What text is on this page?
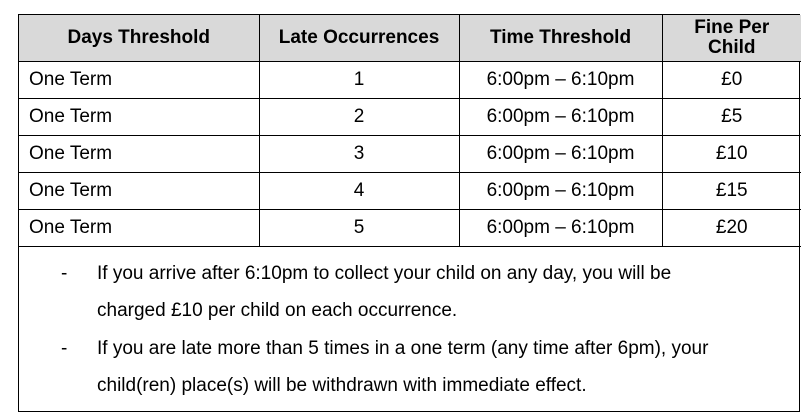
Days Threshold	Late Occurrences	Time Threshold	Fine Per
Child

One Term	1	6:00pm – 6:10pm	£0
One Term	2	6:00pm – 6:10pm	£5
One Term	3	6:00pm – 6:10pm	£10
One Term	4	6:00pm – 6:10pm	£15
One Term	5	6:00pm – 6:10pm	£20
-	If you arrive after 6:10pm to collect your child on any day, you will be
charged £10 per child on each occurrence.
-	If you are late more than 5 times in a one term (any time after 6pm), your
child(ren) place(s) will be withdrawn with immediate effect.
